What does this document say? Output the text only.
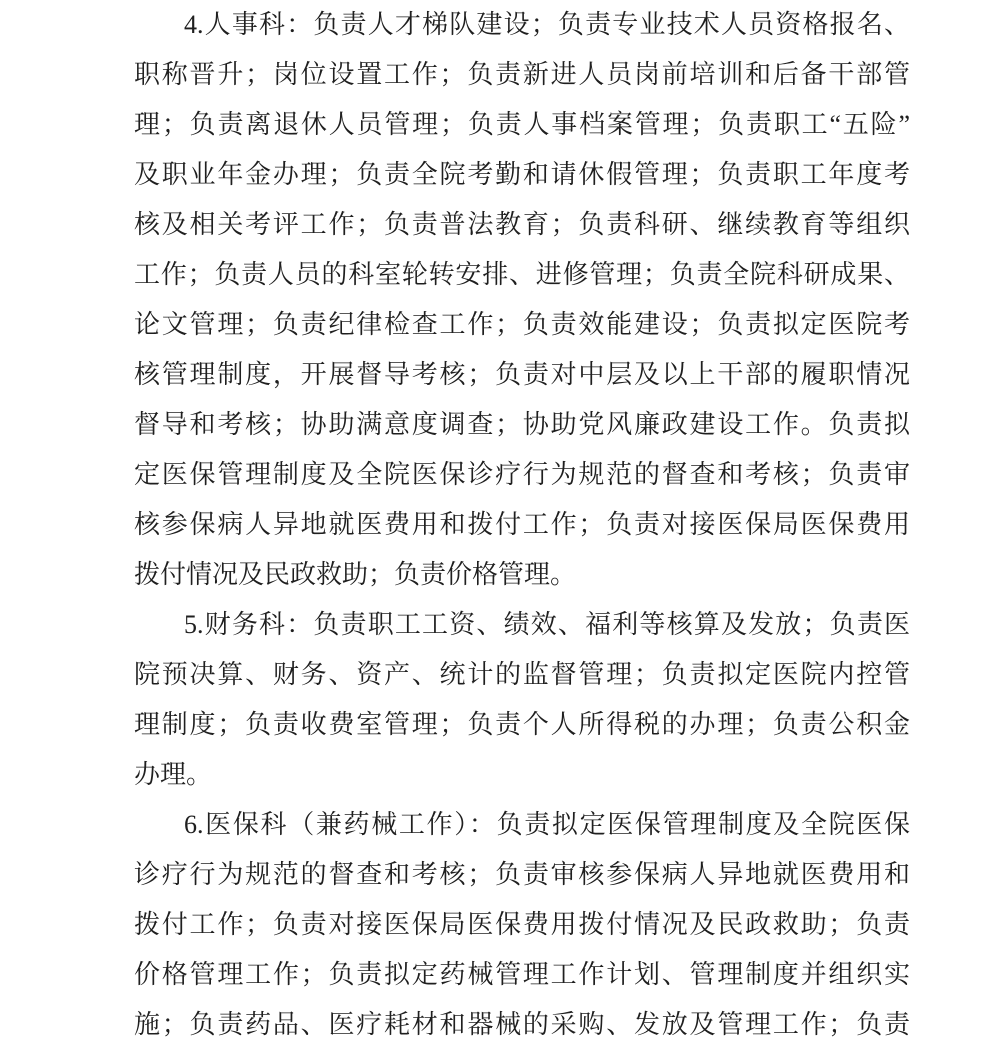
4.人事科：负责人才梯队建设；负责专业技术人员资格报名、
职称晋升；岗位设置工作；负责新进人员岗前培训和后备干部管
理；负责离退休人员管理；负责人事档案管理；负责职工“五险”
及职业年金办理；负责全院考勤和请休假管理；负责职工年度考
核及相关考评工作；负责普法教育；负责科研、继续教育等组织
工作；负责人员的科室轮转安排、进修管理；负责全院科研成果、
论文管理；负责纪律检查工作；负责效能建设；负责拟定医院考
核管理制度，开展督导考核；负责对中层及以上干部的履职情况
督导和考核；协助满意度调查；协助党风廉政建设工作。负责拟
定医保管理制度及全院医保诊疗行为规范的督查和考核；负责审
核参保病人异地就医费用和拨付工作；负责对接医保局医保费用
拨付情况及民政救助；负责价格管理。
5.财务科：负责职工工资、绩效、福利等核算及发放；负责医
院预决算、财务、资产、统计的监督管理；负责拟定医院内控管
理制度；负责收费室管理；负责个人所得税的办理；负责公积金
办理。
6.医保科（兼药械工作）：负责拟定医保管理制度及全院医保
诊疗行为规范的督查和考核；负责审核参保病人异地就医费用和
拨付工作；负责对接医保局医保费用拨付情况及民政救助；负责
价格管理工作；负责拟定药械管理工作计划、管理制度并组织实
施；负责药品、医疗耗材和器械的采购、发放及管理工作；负责
